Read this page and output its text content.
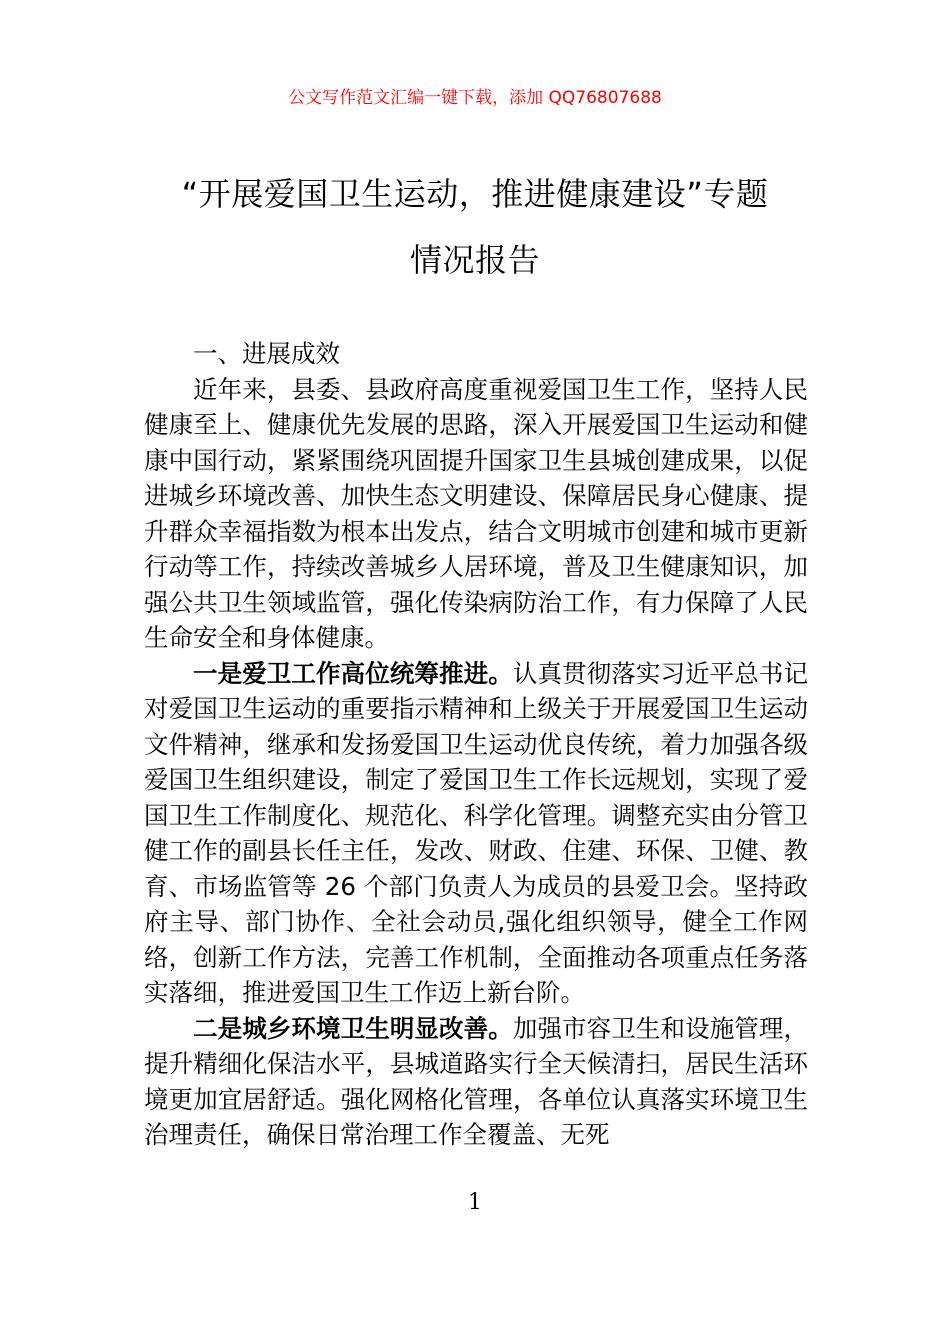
公文写作范文汇编一键下载，添加 QQ76807688
“开展爱国卫生运动，推进健康建设”专题
情况报告

一、进展成效

近年来，县委、县政府高度重视爱国卫生工作，坚持人民健康至上、健康优先发展的思路，深入开展爱国卫生运动和健康中国行动，紧紧围绕巩固提升国家卫生县城创建成果，以促进城乡环境改善、加快生态文明建设、保障居民身心健康、提升群众幸福指数为根本出发点，结合文明城市创建和城市更新行动等工作，持续改善城乡人居环境，普及卫生健康知识，加强公共卫生领域监管，强化传染病防治工作，有力保障了人民生命安全和身体健康。

一是爱卫工作高位统筹推进。认真贯彻落实习近平总书记对爱国卫生运动的重要指示精神和上级关于开展爱国卫生运动文件精神，继承和发扬爱国卫生运动优良传统，着力加强各级爱国卫生组织建设，制定了爱国卫生工作长远规划，实现了爱国卫生工作制度化、规范化、科学化管理。调整充实由分管卫健工作的副县长任主任，发改、财政、住建、环保、卫健、教育、市场监管等 26 个部门负责人为成员的县爱卫会。坚持政府主导、部门协作、全社会动员,强化组织领导，健全工作网络，创新工作方法，完善工作机制，全面推动各项重点任务落实落细，推进爱国卫生工作迈上新台阶。

二是城乡环境卫生明显改善。加强市容卫生和设施管理，提升精细化保洁水平，县城道路实行全天候清扫，居民生活环境更加宜居舒适。强化网格化管理，各单位认真落实环境卫生治理责任，确保日常治理工作全覆盖、无死

1
